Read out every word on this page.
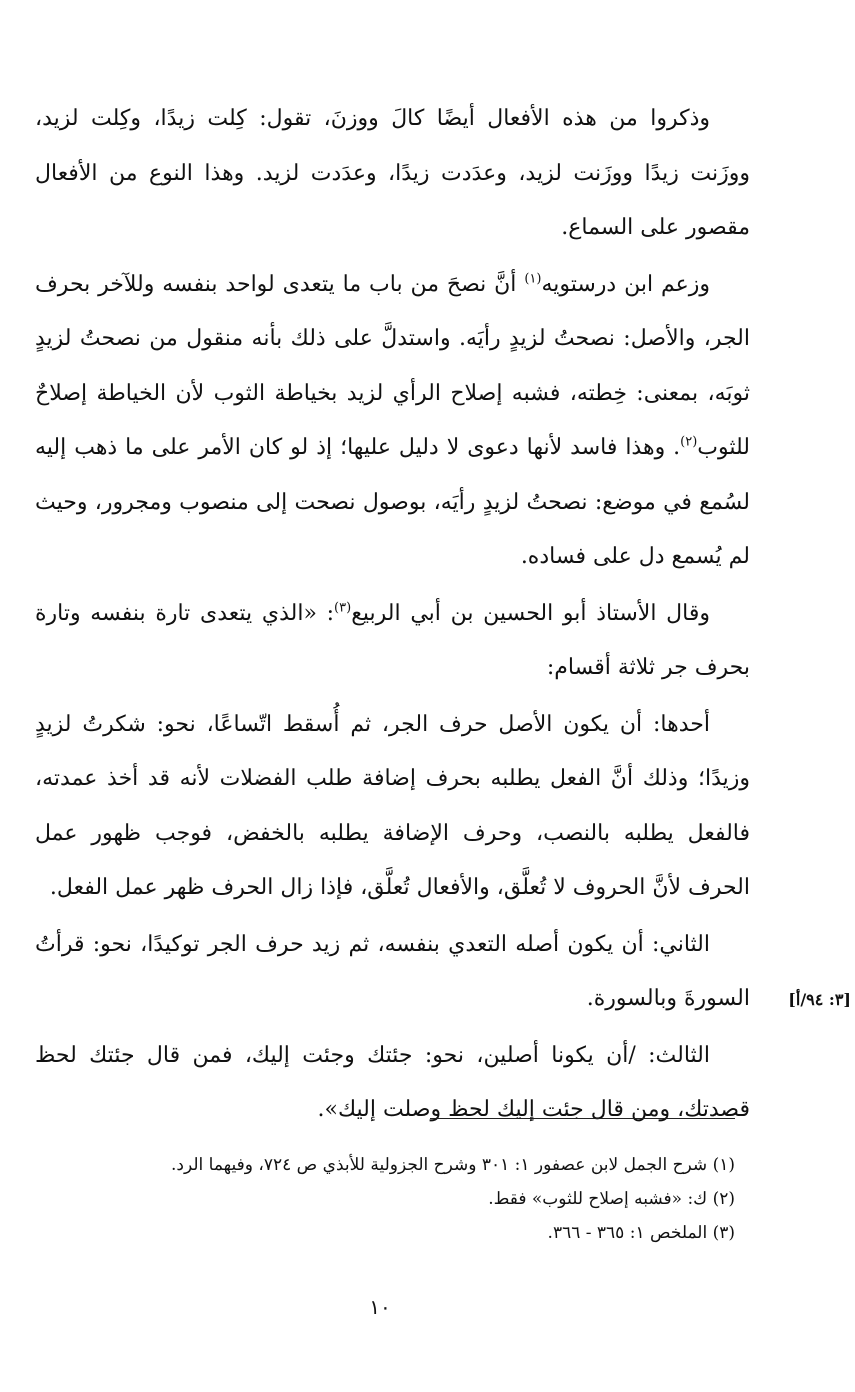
وذكروا من هذه الأفعال أيضًا كالَ ووزنَ، تقول: كِلت زيدًا، وكِلت لزيد، ووزَنت زيدًا ووزَنت لزيد، وعدَدت زيدًا، وعدَدت لزيد. وهذا النوع من الأفعال مقصور على السماع.

وزعم ابن درستويه$^{(١)}$ أنَّ نصحَ من باب ما يتعدى لواحد بنفسه وللآخر بحرف الجر، والأصل: نصحتُ لزيدٍ رأيَه. واستدلَّ على ذلك بأنه منقول من نصحتُ لزيدٍ ثوبَه، بمعنى: خِطته، فشبه إصلاح الرأي لزيد بخياطة الثوب لأن الخياطة إصلاحٌ للثوب$^{(٢)}$. وهذا فاسد لأنها دعوى لا دليل عليها؛ إذ لو كان الأمر على ما ذهب إليه لسُمع في موضع: نصحتُ لزيدٍ رأيَه، بوصول نصحت إلى منصوب ومجرور، وحيث لم يُسمع دل على فساده.

وقال الأستاذ أبو الحسين بن أبي الربيع$^{(٣)}$: «الذي يتعدى تارة بنفسه وتارة بحرف جر ثلاثة أقسام:

أحدها: أن يكون الأصل حرف الجر، ثم أُسقط اتّساعًا، نحو: شكرتُ لزيدٍ وزيدًا؛ وذلك أنَّ الفعل يطلبه بحرف إضافة طلب الفضلات لأنه قد أخذ عمدته، فالفعل يطلبه بالنصب، وحرف الإضافة يطلبه بالخفض، فوجب ظهور عمل الحرف لأنَّ الحروف لا تُعلَّق، والأفعال تُعلَّق، فإذا زال الحرف ظهر عمل الفعل.

الثاني: أن يكون أصله التعدي بنفسه، ثم زيد حرف الجر توكيدًا، نحو: قرأتُ السورةَ وبالسورة.

الثالث: /أن يكونا أصلين، نحو: جئتك وجئت إليك، فمن قال جئتك لحظ قصدتك، ومن قال جئت إليك لحظ وصلت إليك».

[٣: ٩٤/أ]
(١) شرح الجمل لابن عصفور ١: ٣٠١ وشرح الجزولية للأبذي ص ٧٢٤، وفيهما الرد.
(٢) ك: «فشبه إصلاح للثوب» فقط.
(٣) الملخص ١: ٣٦٥ - ٣٦٦.
١٠
